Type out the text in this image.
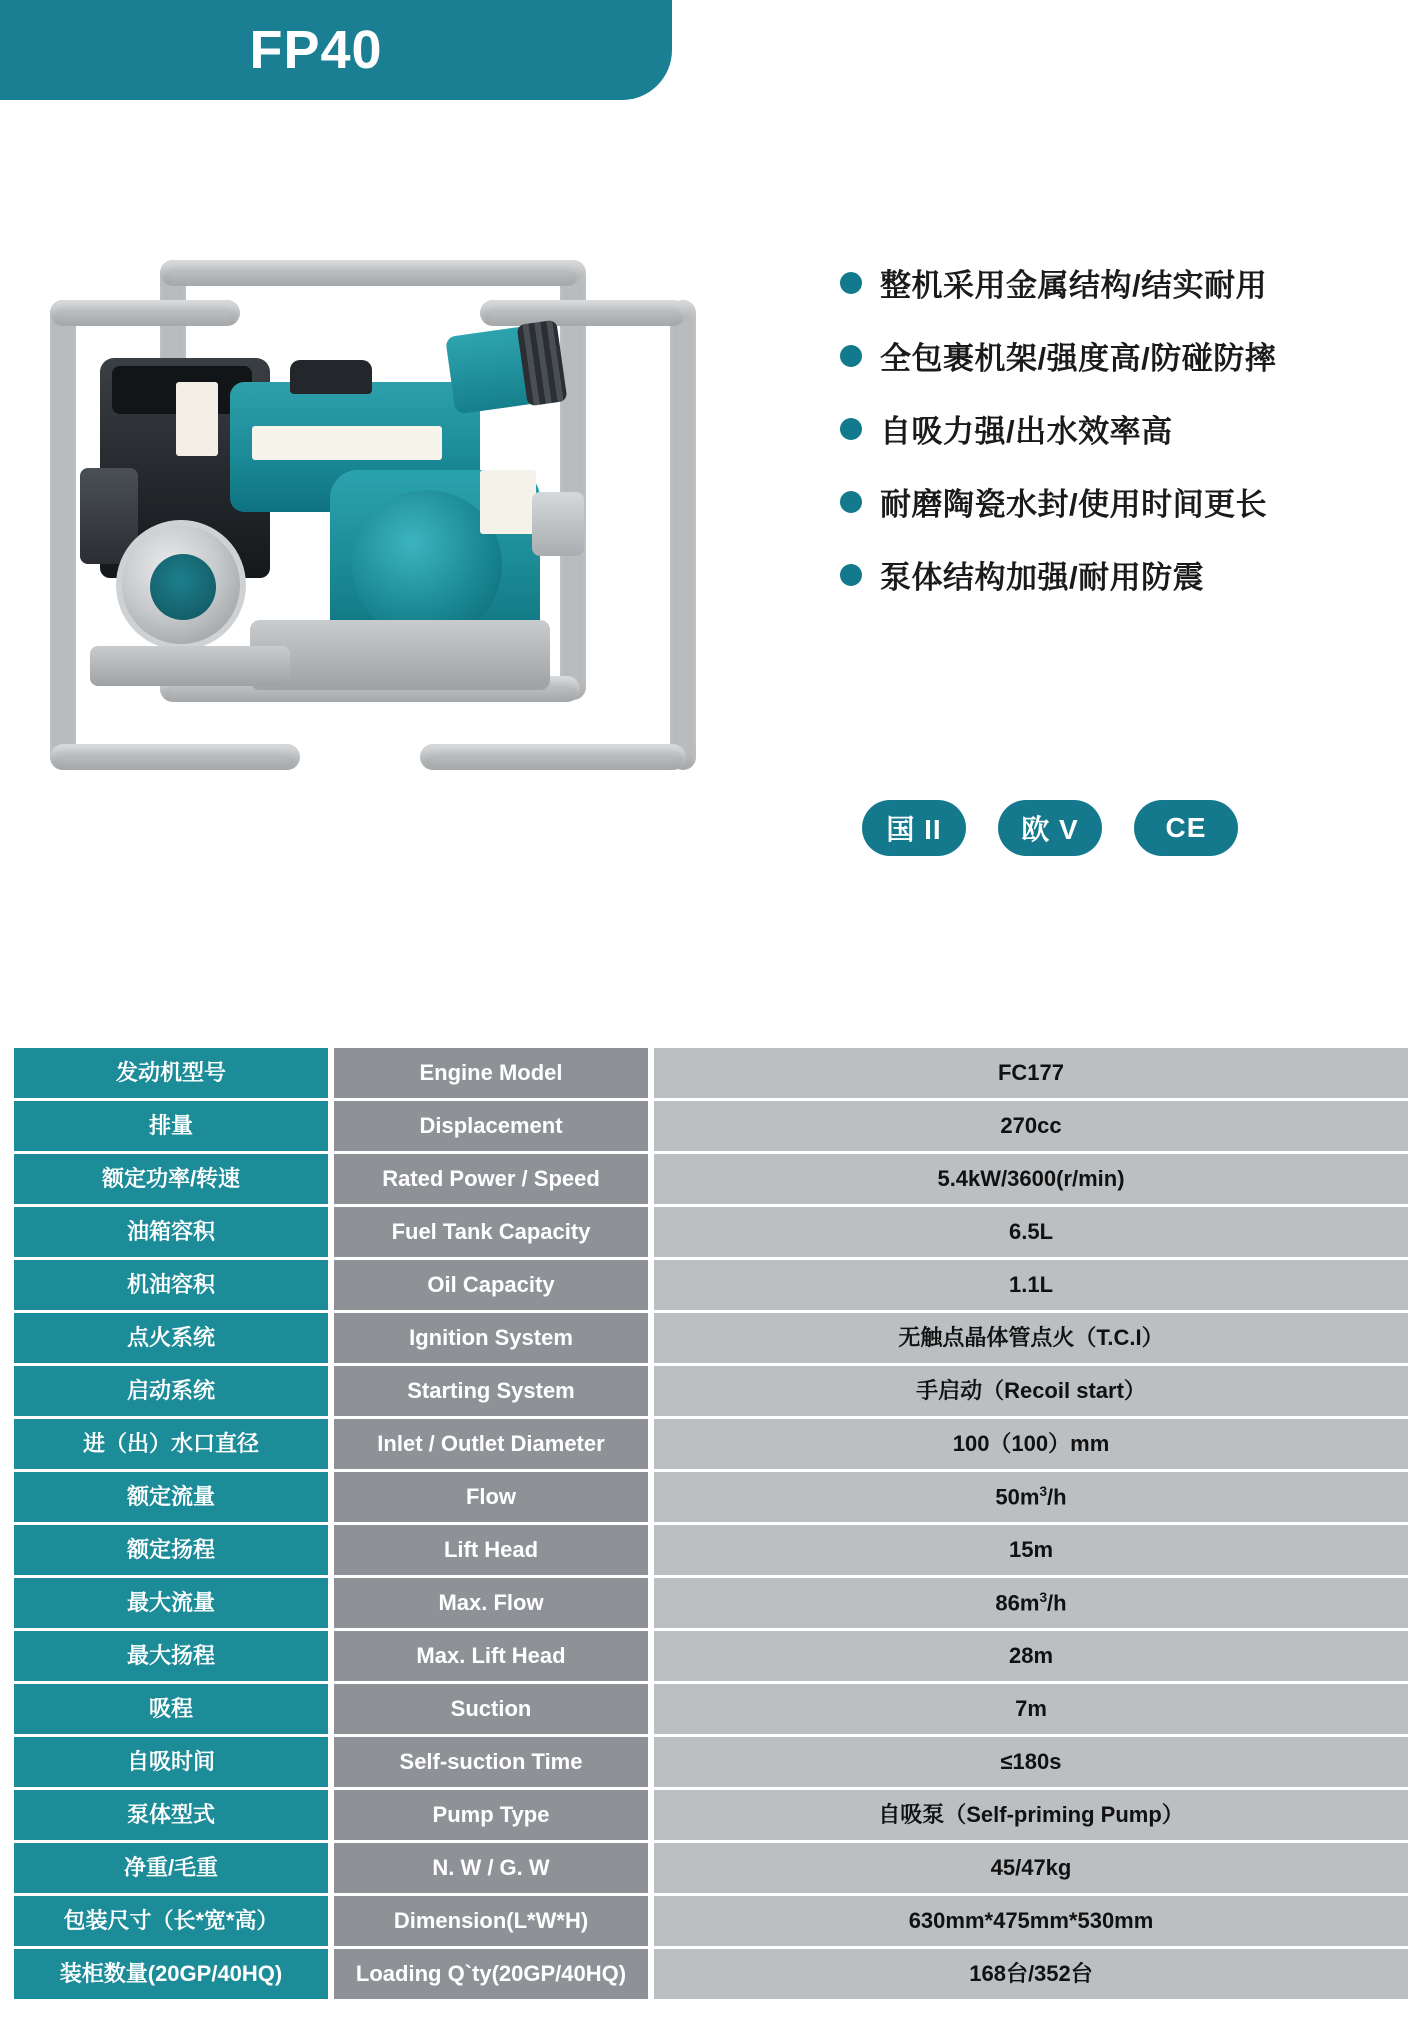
FP40
整机采用金属结构/结实耐用
全包裹机架/强度高/防碰防摔
自吸力强/出水效率高
耐磨陶瓷水封/使用时间更长
泵体结构加强/耐用防震
国 II	欧 V	CE
发动机型号	Engine Model	FC177
排量	Displacement	270cc
额定功率/转速	Rated Power / Speed	5.4kW/3600(r/min)
油箱容积	Fuel Tank Capacity	6.5L
机油容积	Oil Capacity	1.1L
点火系统	Ignition System	无触点晶体管点火（T.C.I）
启动系统	Starting System	手启动（Recoil start）
进（出）水口直径	Inlet / Outlet Diameter	100（100）mm
额定流量	Flow	$50m^3/h$
额定扬程	Lift Head	15m
最大流量	Max. Flow	$86m^3/h$
最大扬程	Max. Lift Head	28m
吸程	Suction	7m
自吸时间	Self-suction Time	≤180s
泵体型式	Pump Type	自吸泵（Self-priming Pump）
净重/毛重	N. W / G. W	45/47kg
包装尺寸（长*宽*高）	Dimension(L*W*H)	630mm*475mm*530mm
装柜数量(20GP/40HQ)	Loading Q`ty(20GP/40HQ)	168台/352台
